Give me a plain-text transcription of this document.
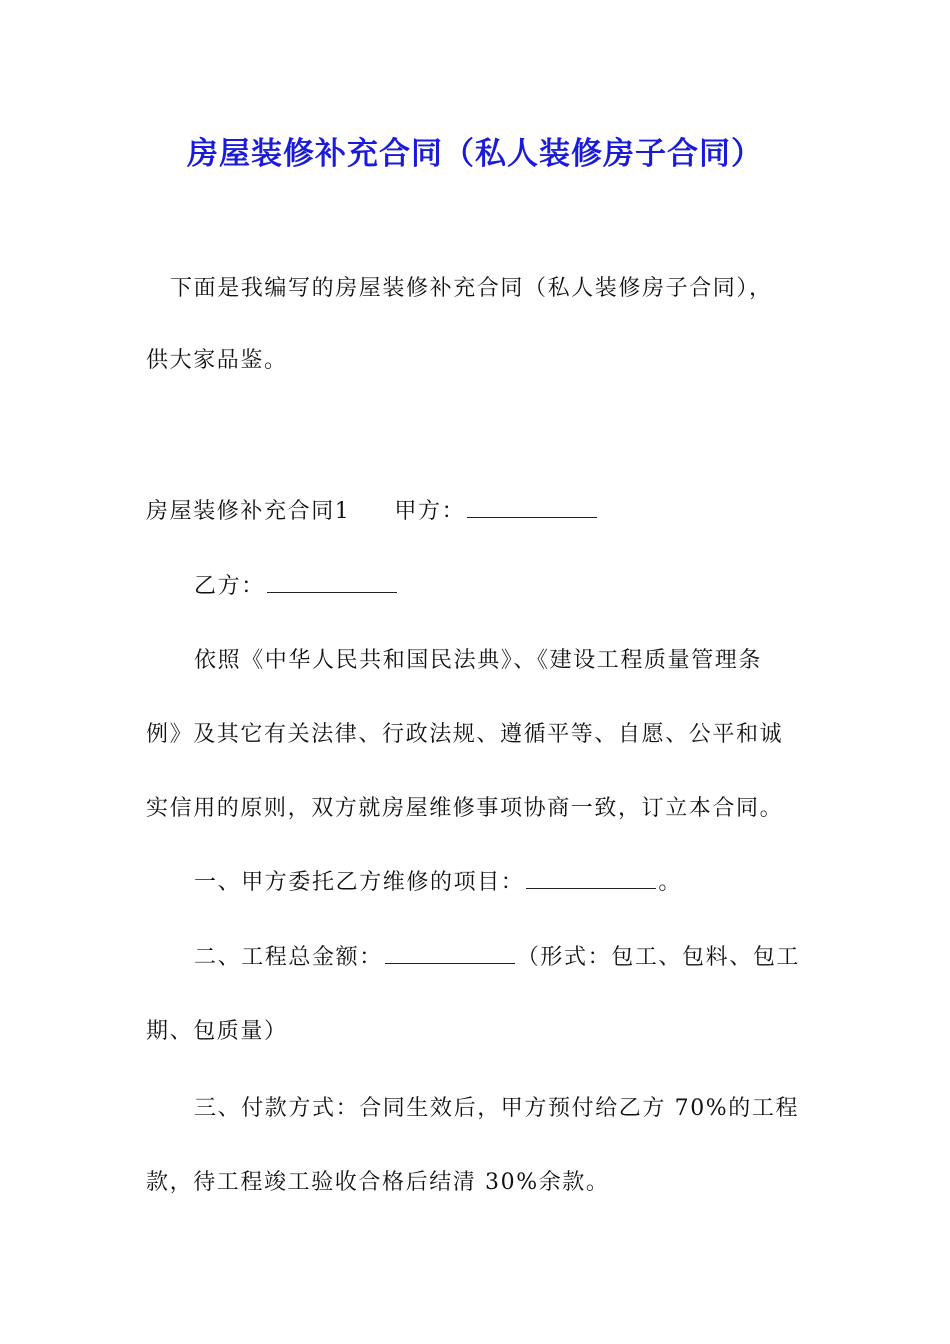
房屋装修补充合同（私人装修房子合同）

下面是我编写的房屋装修补充合同（私人装修房子合同），

供大家品鉴。

房屋装修补充合同1 甲方：

乙方：

依照《中华人民共和国民法典》、《建设工程质量管理条

例》及其它有关法律、行政法规、遵循平等、自愿、公平和诚

实信用的原则，双方就房屋维修事项协商一致，订立本合同。

一、甲方委托乙方维修的项目：	。

二、工程总金额：	（形式：包工、包料、包工

期、包质量）

三、付款方式：合同生效后，甲方预付给乙方 70%的工程

款，待工程竣工验收合格后结清 30%余款。
